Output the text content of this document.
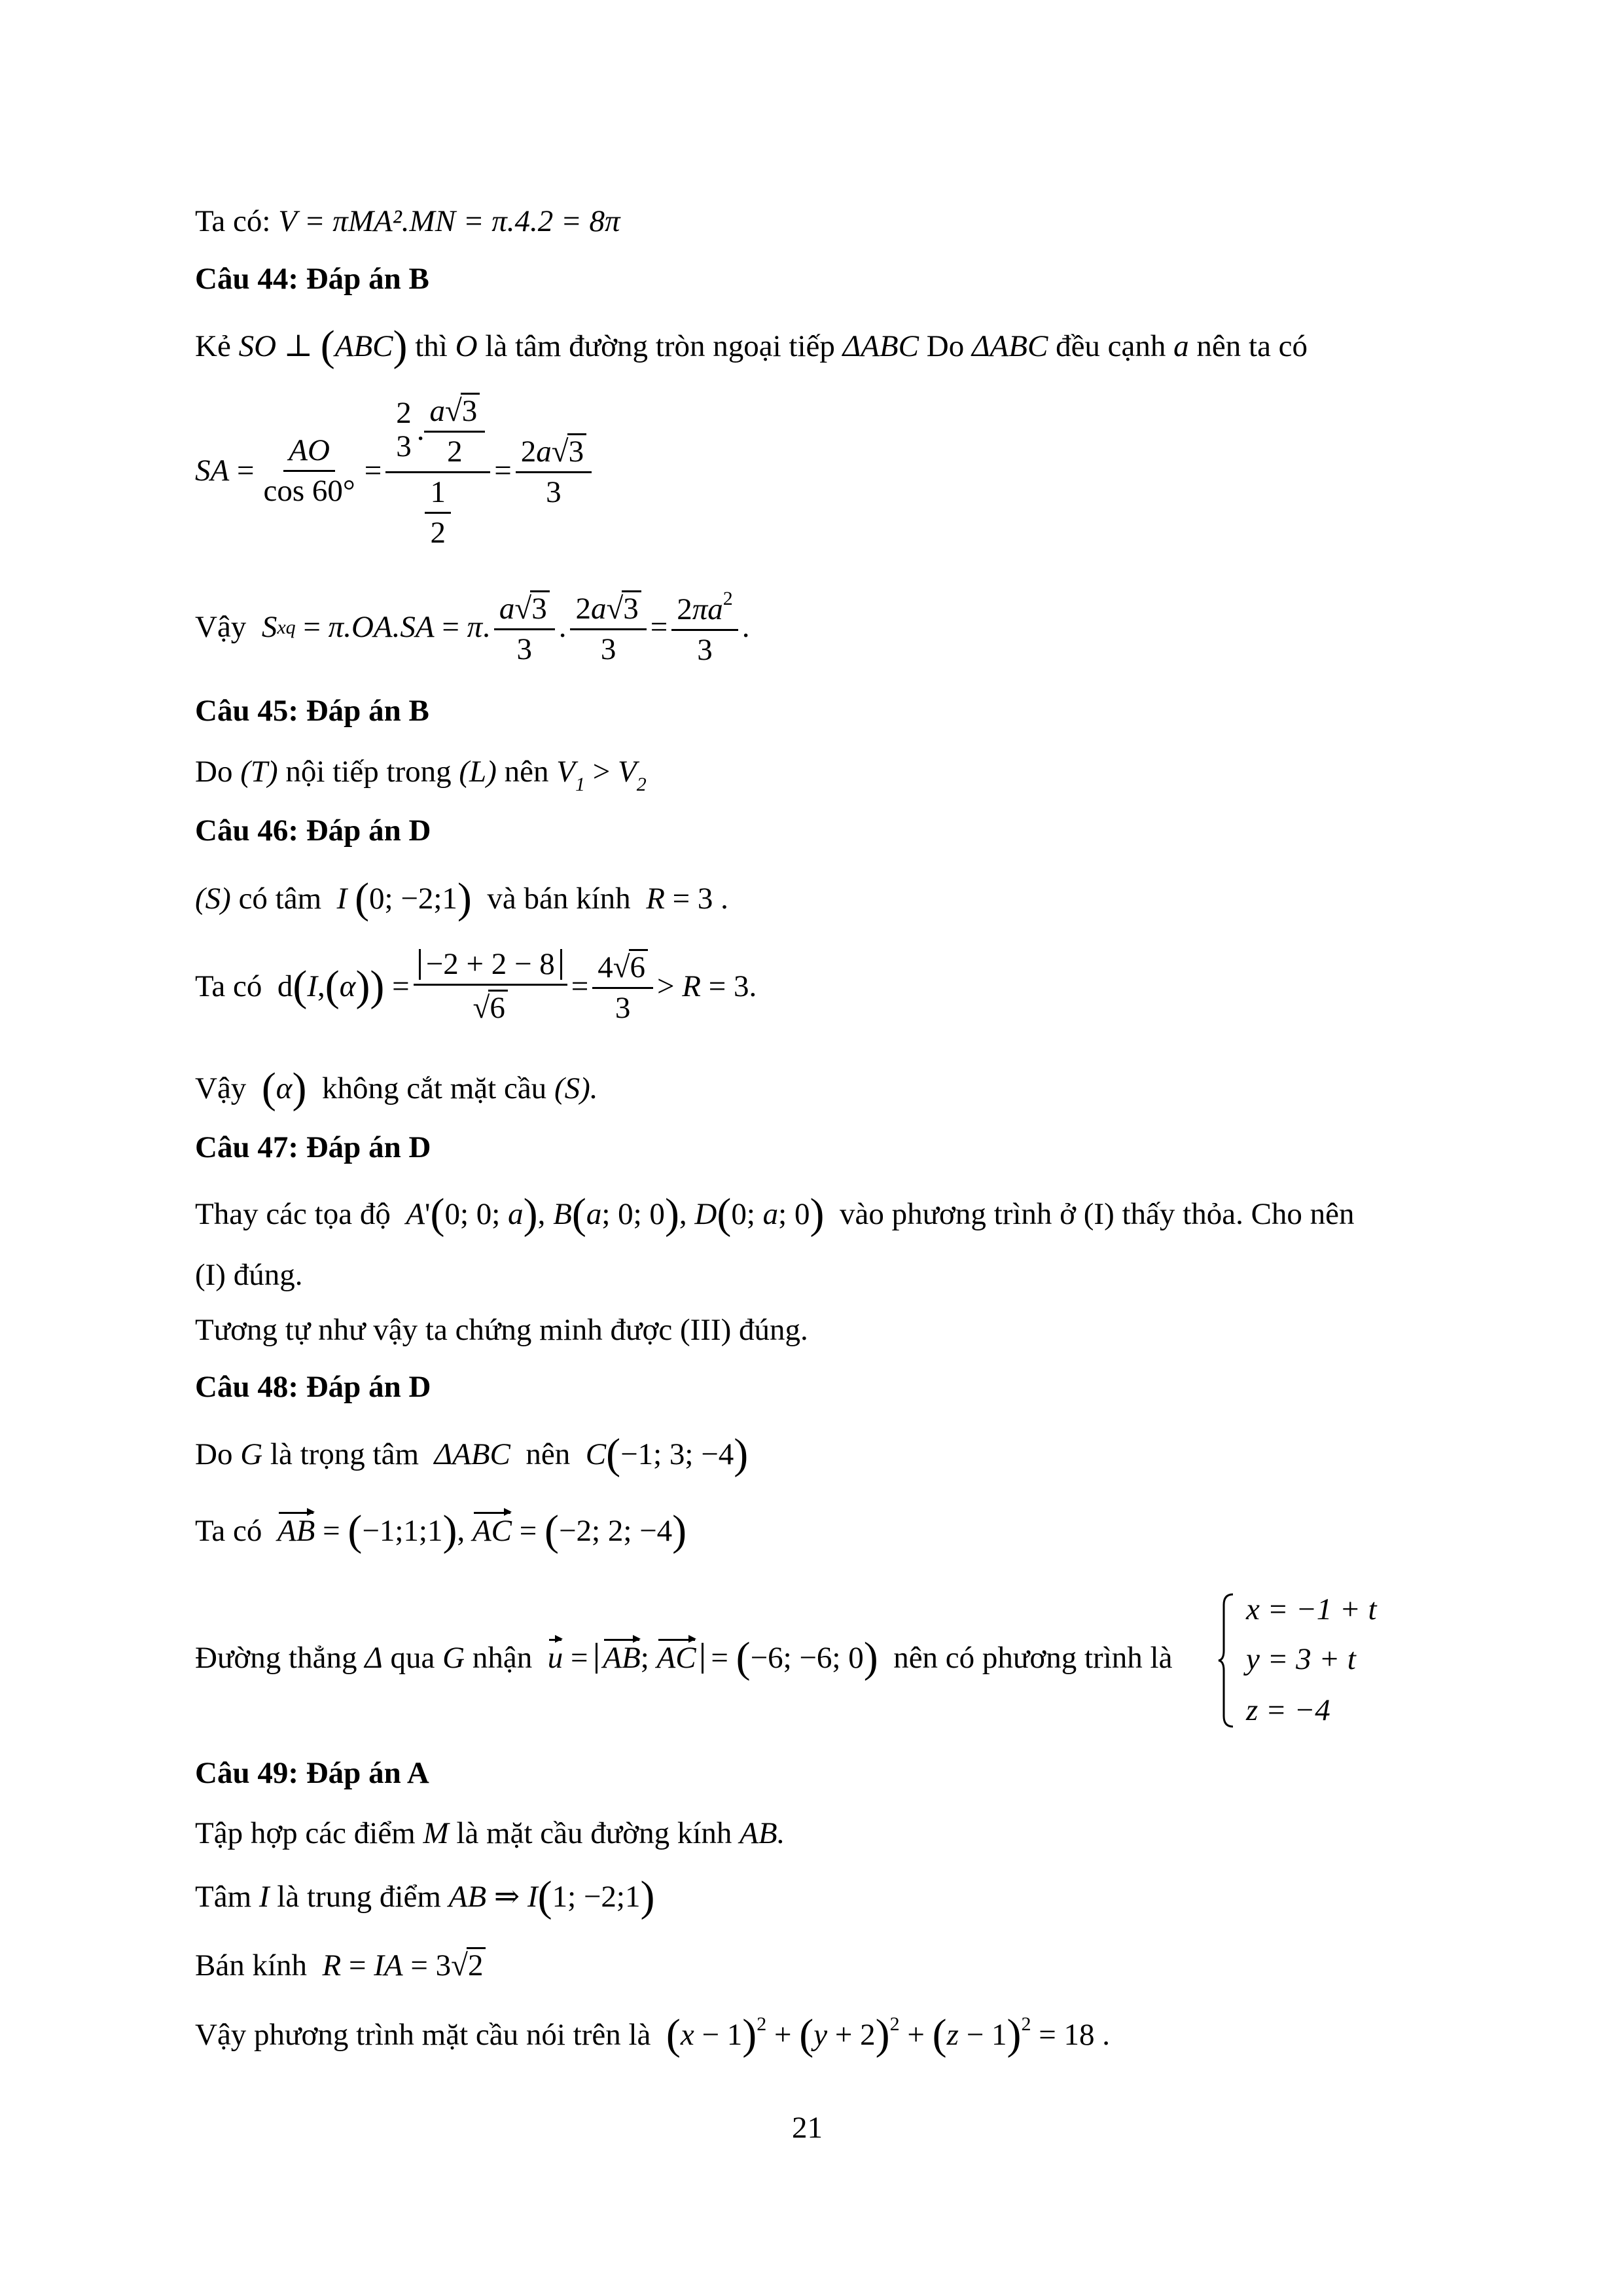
Ta có: V = πMA².MN = π.4.2 = 8π
Câu 44: Đáp án B
Kẻ SO ⊥ (ABC) thì O là tâm đường tròn ngoại tiếp ΔABC Do ΔABC đều cạnh a nên ta có
SA = $\frac{AO}{\cos 60^\circ} = 2$
3 . $\frac{a√3}{2}$
$\frac{1}{2} = \frac{2a√3}{3}$
Vậy S xq = π.OA.SA = π . $\frac{a√3}{3}$ . $\frac{2a√3}{3} = \frac{2\pi a^2}{3}$ .
Câu 45: Đáp án B
Do (T) nội tiếp trong (L) nên $V_1 > V_2$
Câu 46: Đáp án D
(S) có tâm I (0; −2;1) và bán kính R = 3 .
Ta có d ( I , ( α )) = $\frac{-2 + 2 - 8}{√6} = \frac{4√6}{3} > R = 3$.
Vậy (α) không cắt mặt cầu (S).
Câu 47: Đáp án D
Thay các tọa độ A'(0; 0; a), B(a; 0; 0), D(0; a; 0) vào phương trình ở (I) thấy thỏa. Cho nên
(I) đúng.
Tương tự như vậy ta chứng minh được (III) đúng.
Câu 48: Đáp án D
Do G là trọng tâm ΔABC nên C(−1; 3; −4)
Ta có AB = (−1;1;1), AC = (−2; 2; −4)
Đường thẳng Δ qua G nhận u = AB; AC = (−6; −6; 0) nên có phương trình là
x = −1 + t
y = 3 + t
z = −4
Câu 49: Đáp án A
Tập hợp các điểm M là mặt cầu đường kính AB.
Tâm I là trung điểm AB ⇒ I(1; −2;1)
Bán kính R = IA = 3√2
Vậy phương trình mặt cầu nói trên là $(x - 1)^2 + (y + 2)^2 + (z - 1)^2 = 18$ .
21
